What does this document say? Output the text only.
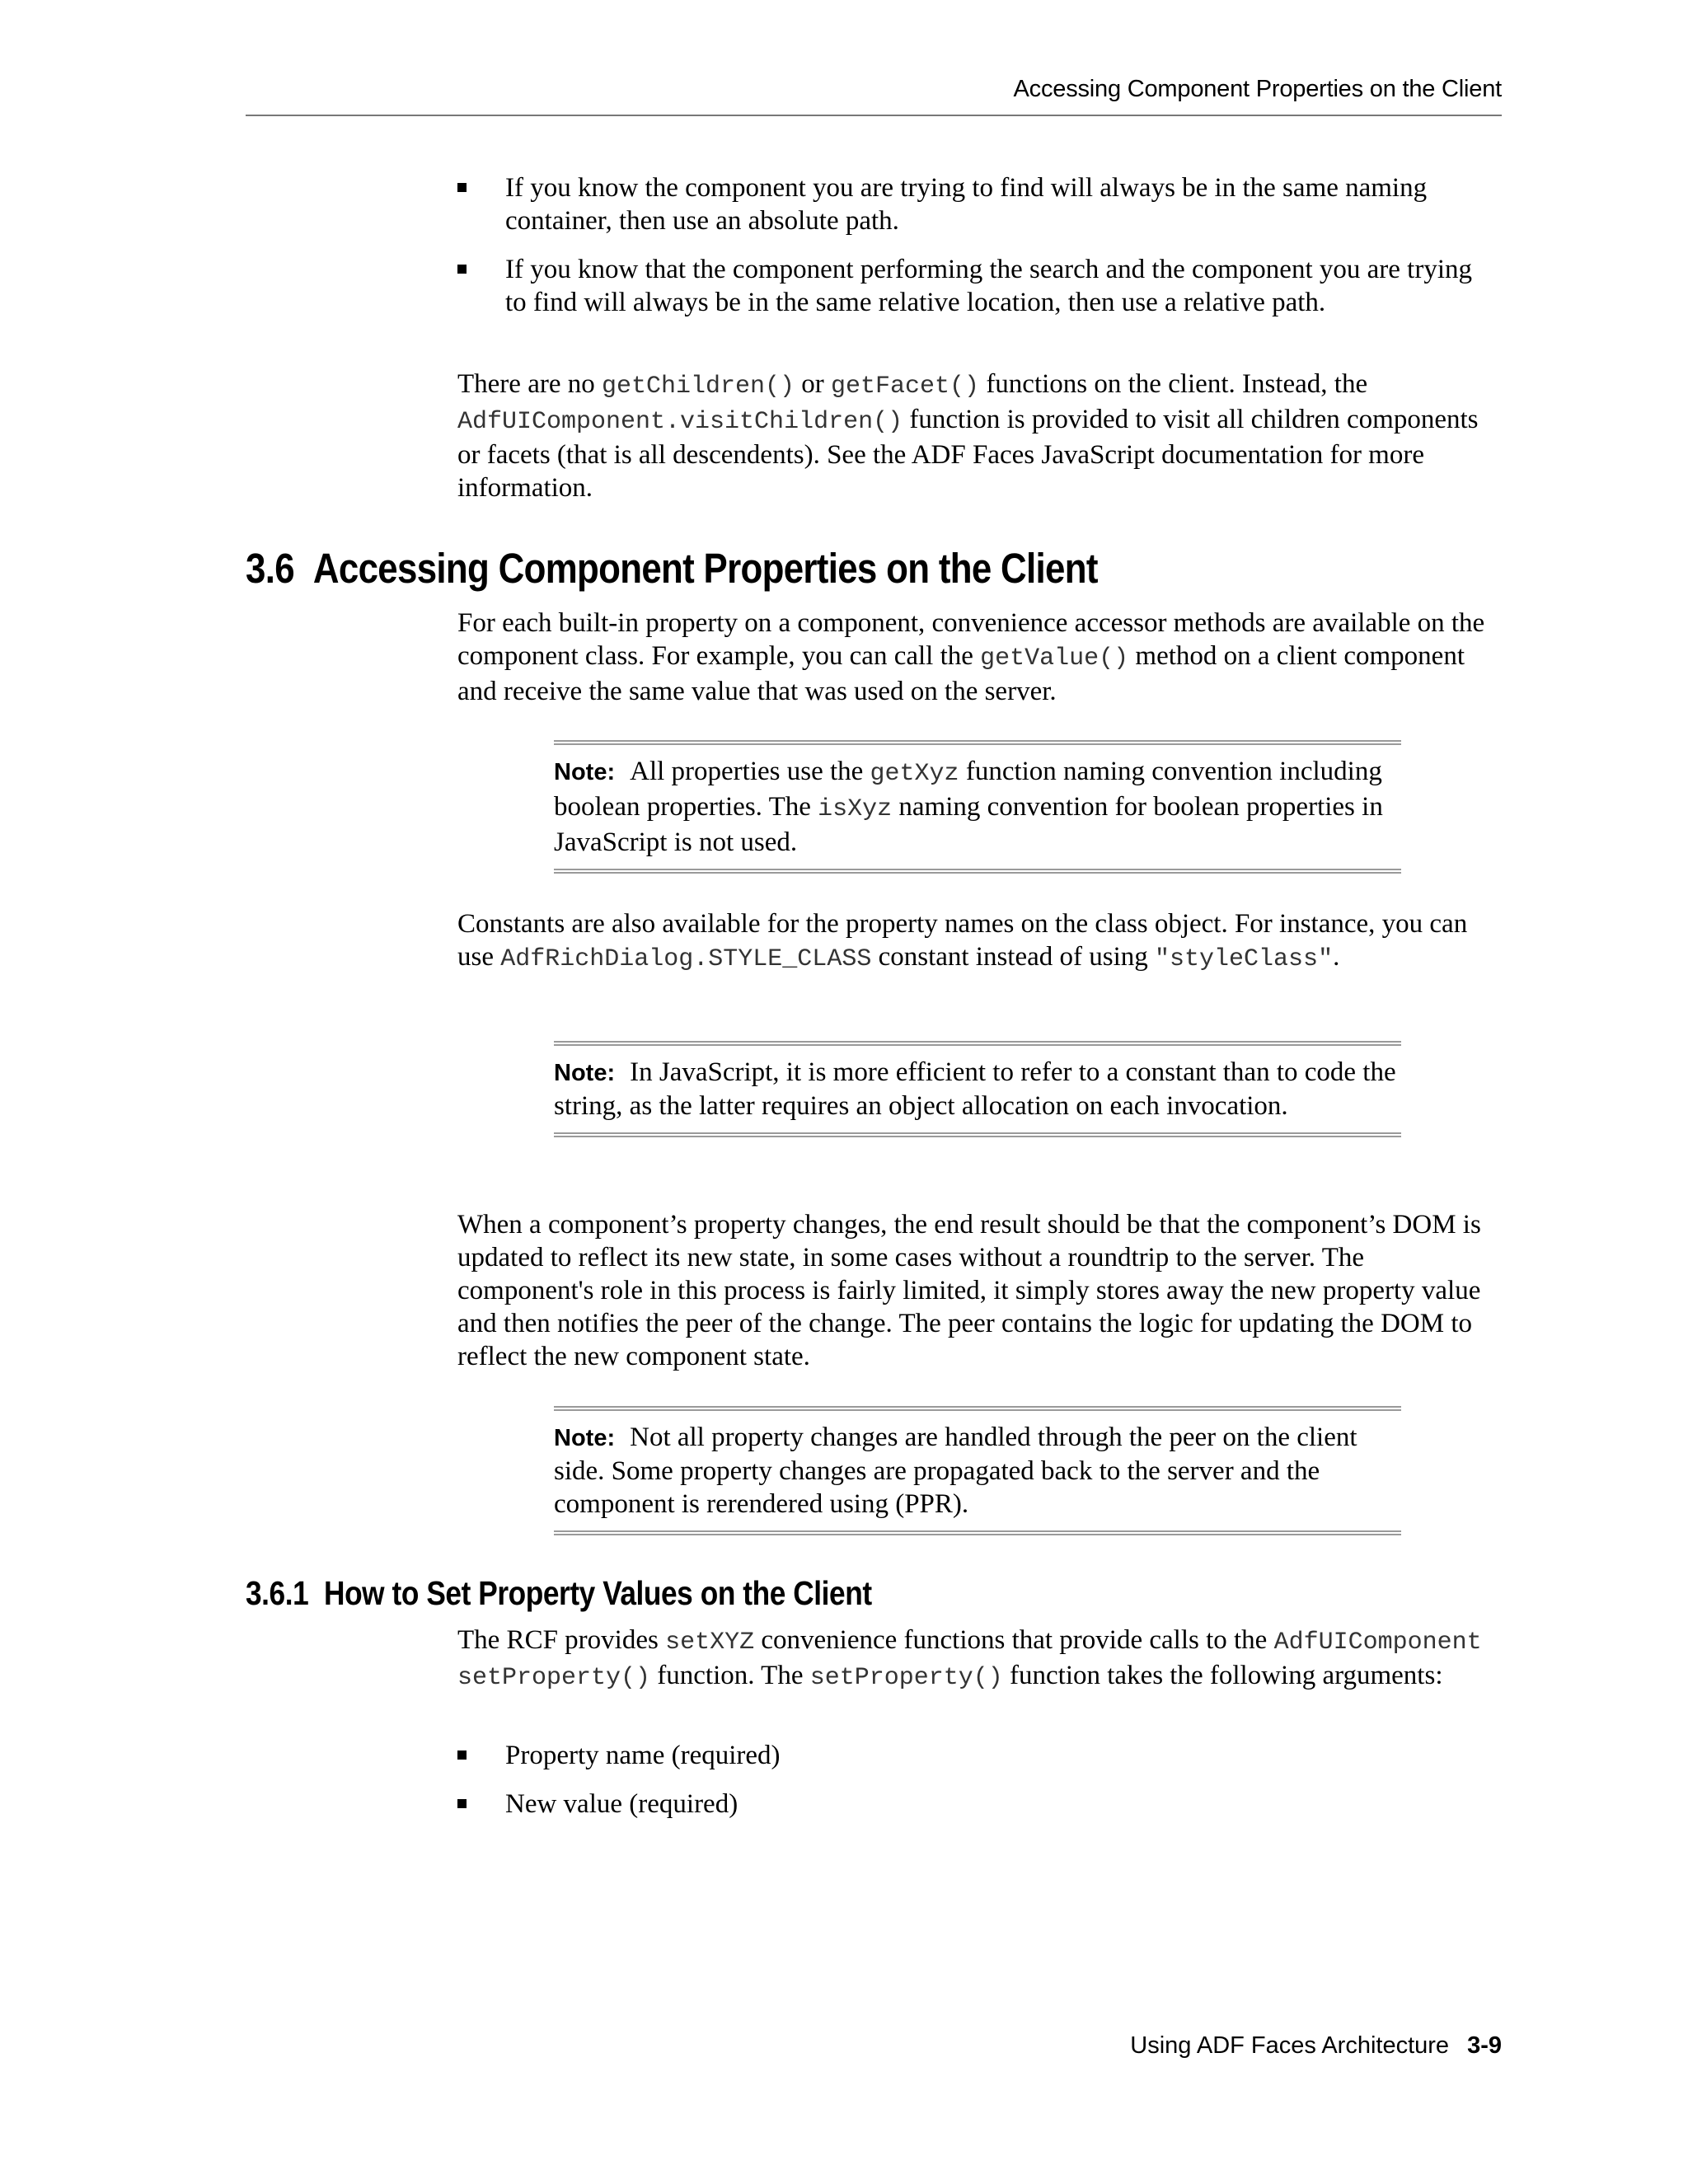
Accessing Component Properties on the Client

If you know the component you are trying to find will always be in the same naming container, then use an absolute path.

If you know that the component performing the search and the component you are trying to find will always be in the same relative location, then use a relative path.

There are no getChildren() or getFacet() functions on the client. Instead, the AdfUIComponent.visitChildren() function is provided to visit all children components or facets (that is all descendents). See the ADF Faces JavaScript documentation for more information.

3.6 Accessing Component Properties on the Client

For each built-in property on a component, convenience accessor methods are available on the component class. For example, you can call the getValue() method on a client component and receive the same value that was used on the server.

Note: All properties use the getXyz function naming convention including boolean properties. The isXyz naming convention for boolean properties in JavaScript is not used.

Constants are also available for the property names on the class object. For instance, you can use AdfRichDialog.STYLE_CLASS constant instead of using "styleClass".

Note: In JavaScript, it is more efficient to refer to a constant than to code the string, as the latter requires an object allocation on each invocation.

When a component’s property changes, the end result should be that the component’s DOM is updated to reflect its new state, in some cases without a roundtrip to the server. The component's role in this process is fairly limited, it simply stores away the new property value and then notifies the peer of the change. The peer contains the logic for updating the DOM to reflect the new component state.

Note: Not all property changes are handled through the peer on the client side. Some property changes are propagated back to the server and the component is rerendered using (PPR).
3.6.1 How to Set Property Values on the Client

The RCF provides setXYZ convenience functions that provide calls to the AdfUIComponent setProperty() function. The setProperty() function takes the following arguments:

Property name (required)

New value (required)

Using ADF Faces Architecture 3-9
